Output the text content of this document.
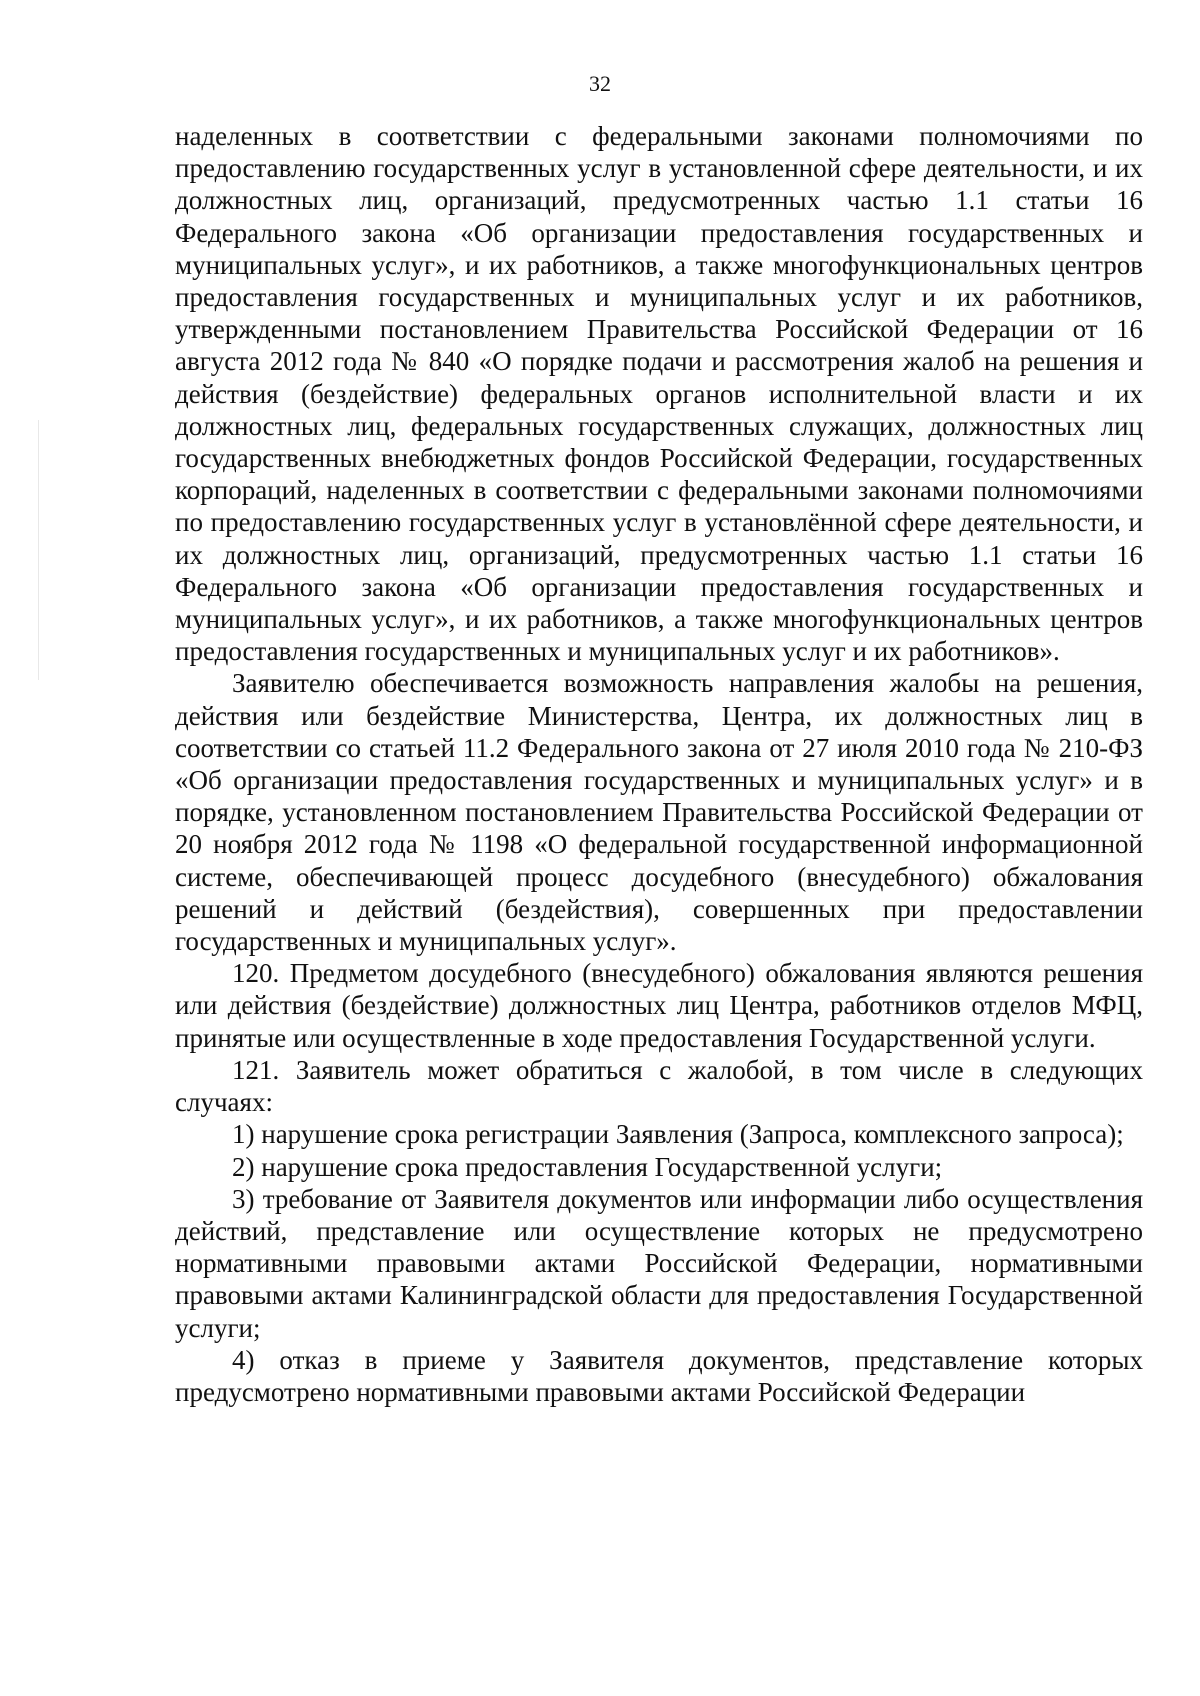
32

наделенных в соответствии с федеральными законами полномочиями по предоставлению государственных услуг в установленной сфере деятельности, и их должностных лиц, организаций, предусмотренных частью 1.1 статьи 16 Федерального закона «Об организации предоставления государственных и муниципальных услуг», и их работников, а также многофункциональных центров предоставления государственных и муниципальных услуг и их работников, утвержденными постановлением Правительства Российской Федерации от 16 августа 2012 года № 840 «О порядке подачи и рассмотрения жалоб на решения и действия (бездействие) федеральных органов исполнительной власти и их должностных лиц, федеральных государственных служащих, должностных лиц государственных внебюджетных фондов Российской Федерации, государственных корпораций, наделенных в соответствии с федеральными законами полномочиями по предоставлению государственных услуг в установлённой сфере деятельности, и их должностных лиц, организаций, предусмотренных частью 1.1 статьи 16 Федерального закона «Об организации предоставления государственных и муниципальных услуг», и их работников, а также многофункциональных центров предоставления государственных и муниципальных услуг и их работников».

Заявителю обеспечивается возможность направления жалобы на решения, действия или бездействие Министерства, Центра, их должностных лиц в соответствии со статьей 11.2 Федерального закона от 27 июля 2010 года № 210-ФЗ «Об организации предоставления государственных и муниципальных услуг» и в порядке, установленном постановлением Правительства Российской Федерации от 20 ноября 2012 года № 1198 «О федеральной государственной информационной системе, обеспечивающей процесс досудебного (внесудебного) обжалования решений и действий (бездействия), совершенных при предоставлении государственных и муниципальных услуг».

120. Предметом досудебного (внесудебного) обжалования являются решения или действия (бездействие) должностных лиц Центра, работников отделов МФЦ, принятые или осуществленные в ходе предоставления Государственной услуги.

121. Заявитель может обратиться с жалобой, в том числе в следующих случаях:

1) нарушение срока регистрации Заявления (Запроса, комплексного запроса);

2) нарушение срока предоставления Государственной услуги;

3) требование от Заявителя документов или информации либо осуществления действий, представление или осуществление которых не предусмотрено нормативными правовыми актами Российской Федерации, нормативными правовыми актами Калининградской области для предоставления Государственной услуги;

4) отказ в приеме у Заявителя документов, представление которых предусмотрено нормативными правовыми актами Российской Федерации
